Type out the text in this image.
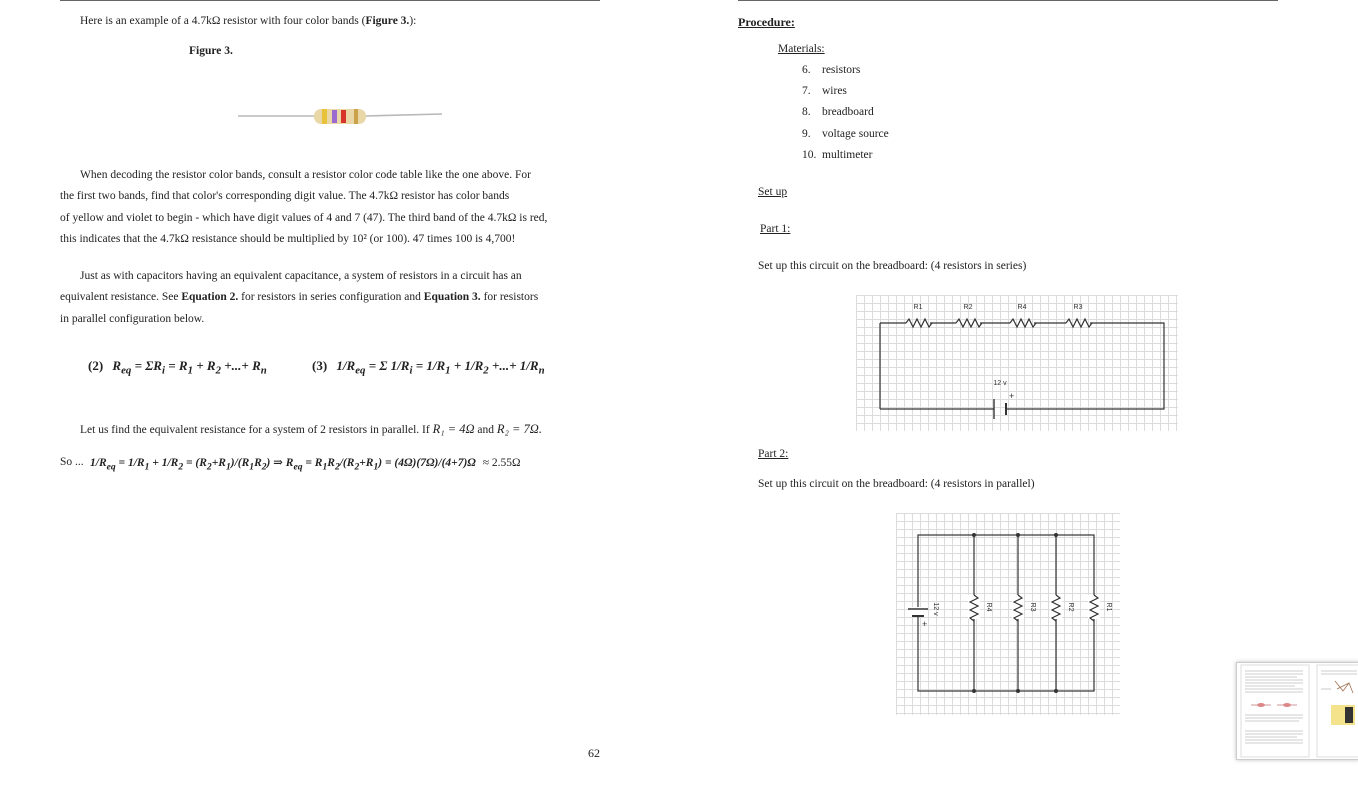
Here is an example of a 4.7kΩ resistor with four color bands (Figure 3.):
Figure 3.
When decoding the resistor color bands, consult a resistor color code table like the one above. For
the first two bands, find that color's corresponding digit value. The 4.7kΩ resistor has color bands
of yellow and violet to begin - which have digit values of 4 and 7 (47). The third band of the 4.7kΩ is red,
this indicates that the 4.7kΩ resistance should be multiplied by 10² (or 100). 47 times 100 is 4,700!
Just as with capacitors having an equivalent capacitance, a system of resistors in a circuit has an
equivalent resistance. See Equation 2. for resistors in series configuration and Equation 3. for resistors
in parallel configuration below.
(2) $R_{eq} = \Sigma R_i = R_1 + R_2$ +...+ $R_n$	(3) $1/R_{eq} = \Sigma$ $1/R_i = 1/R_1 + 1/R_2$ +...+ $1/R_n$
Let us find the equivalent resistance for a system of 2 resistors in parallel. If R₁ = 4Ω and R₂ = 7Ω.
So ... $1/R_{eq} = 1/R_1 + 1/R_2 = (R_2+R_1)/(R_1R_2)$ ⇒ $R_{eq} = R_1R_2/(R_2+R_1) = (4\Omega)(7\Omega)/(4+7)\Omega \approx 2.55\Omega$
62
Procedure:
Materials:
6. resistors
7. wires
8. breadboard
9. voltage source
10. multimeter
Set up
Part 1:
Set up this circuit on the breadboard: (4 resistors in series)
R1	R2	R4	R3
+
12 v
Part 2:
Set up this circuit on the breadboard: (4 resistors in parallel)
R4	R3	R2	R1
+
12 v
